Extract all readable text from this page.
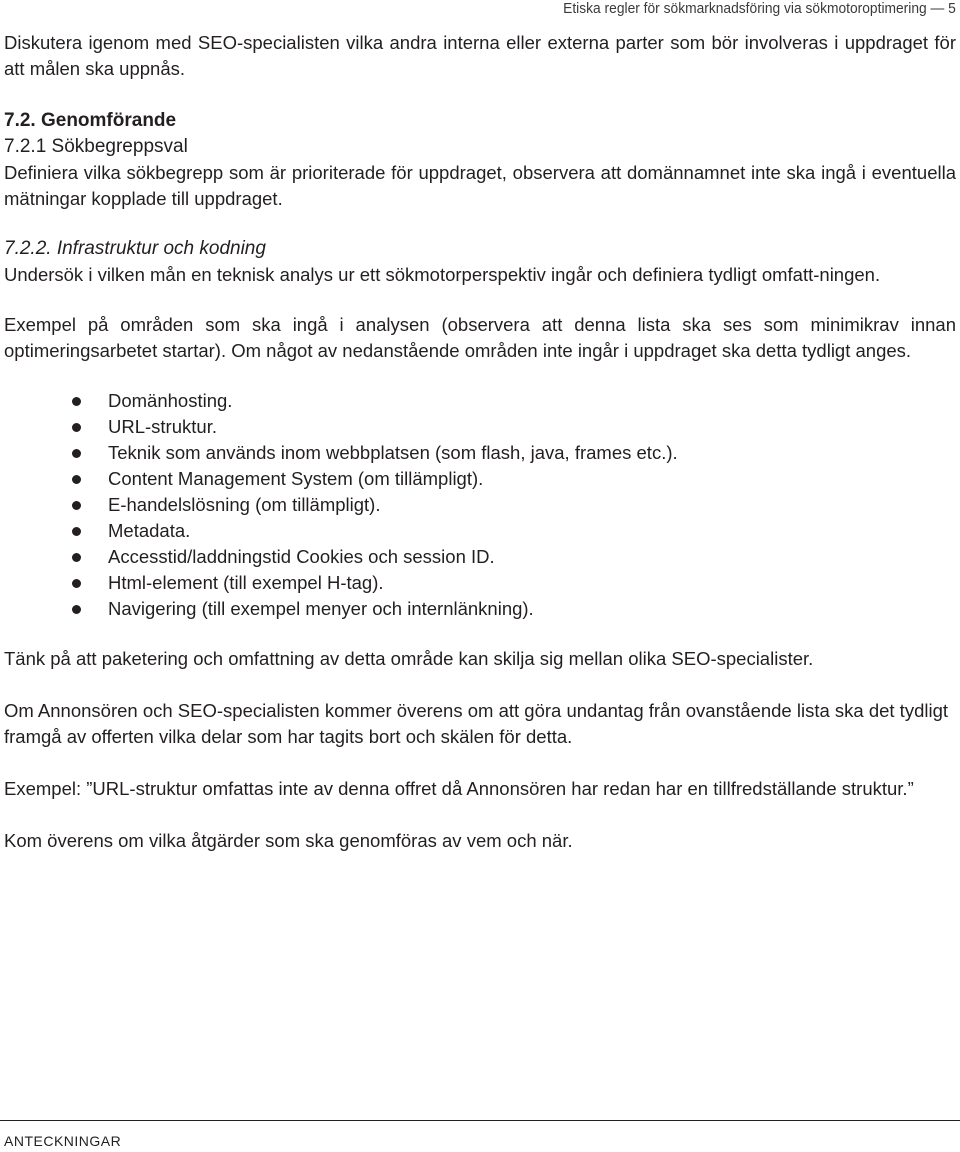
Etiska regler för sökmarknadsföring via sökmotoroptimering — 5

Diskutera igenom med SEO-specialisten vilka andra interna eller externa parter som bör involveras i uppdraget för att målen ska uppnås.

7.2. Genomförande

7.2.1 Sökbegreppsval

Definiera vilka sökbegrepp som är prioriterade för uppdraget, observera att domännamnet inte ska ingå i eventuella mätningar kopplade till uppdraget.

7.2.2. Infrastruktur och kodning

Undersök i vilken mån en teknisk analys ur ett sökmotorperspektiv ingår och definiera tydligt omfatt-ningen.

Exempel på områden som ska ingå i analysen (observera att denna lista ska ses som minimikrav innan optimeringsarbetet startar). Om något av nedanstående områden inte ingår i uppdraget ska detta tydligt anges.

Domänhosting.
URL-struktur.
Teknik som används inom webbplatsen (som flash, java, frames etc.).
Content Management System (om tillämpligt).
E-handelslösning (om tillämpligt).
Metadata.
Accesstid/laddningstid Cookies och session ID.
Html-element (till exempel H-tag).
Navigering (till exempel menyer och internlänkning).

Tänk på att paketering och omfattning av detta område kan skilja sig mellan olika SEO-specialister.

Om Annonsören och SEO-specialisten kommer överens om att göra undantag från ovanstående lista ska det tydligt framgå av offerten vilka delar som har tagits bort och skälen för detta.

Exempel: ”URL-struktur omfattas inte av denna offret då Annonsören har redan har en tillfredställande struktur.”

Kom överens om vilka åtgärder som ska genomföras av vem och när.

ANTECKNINGAR
